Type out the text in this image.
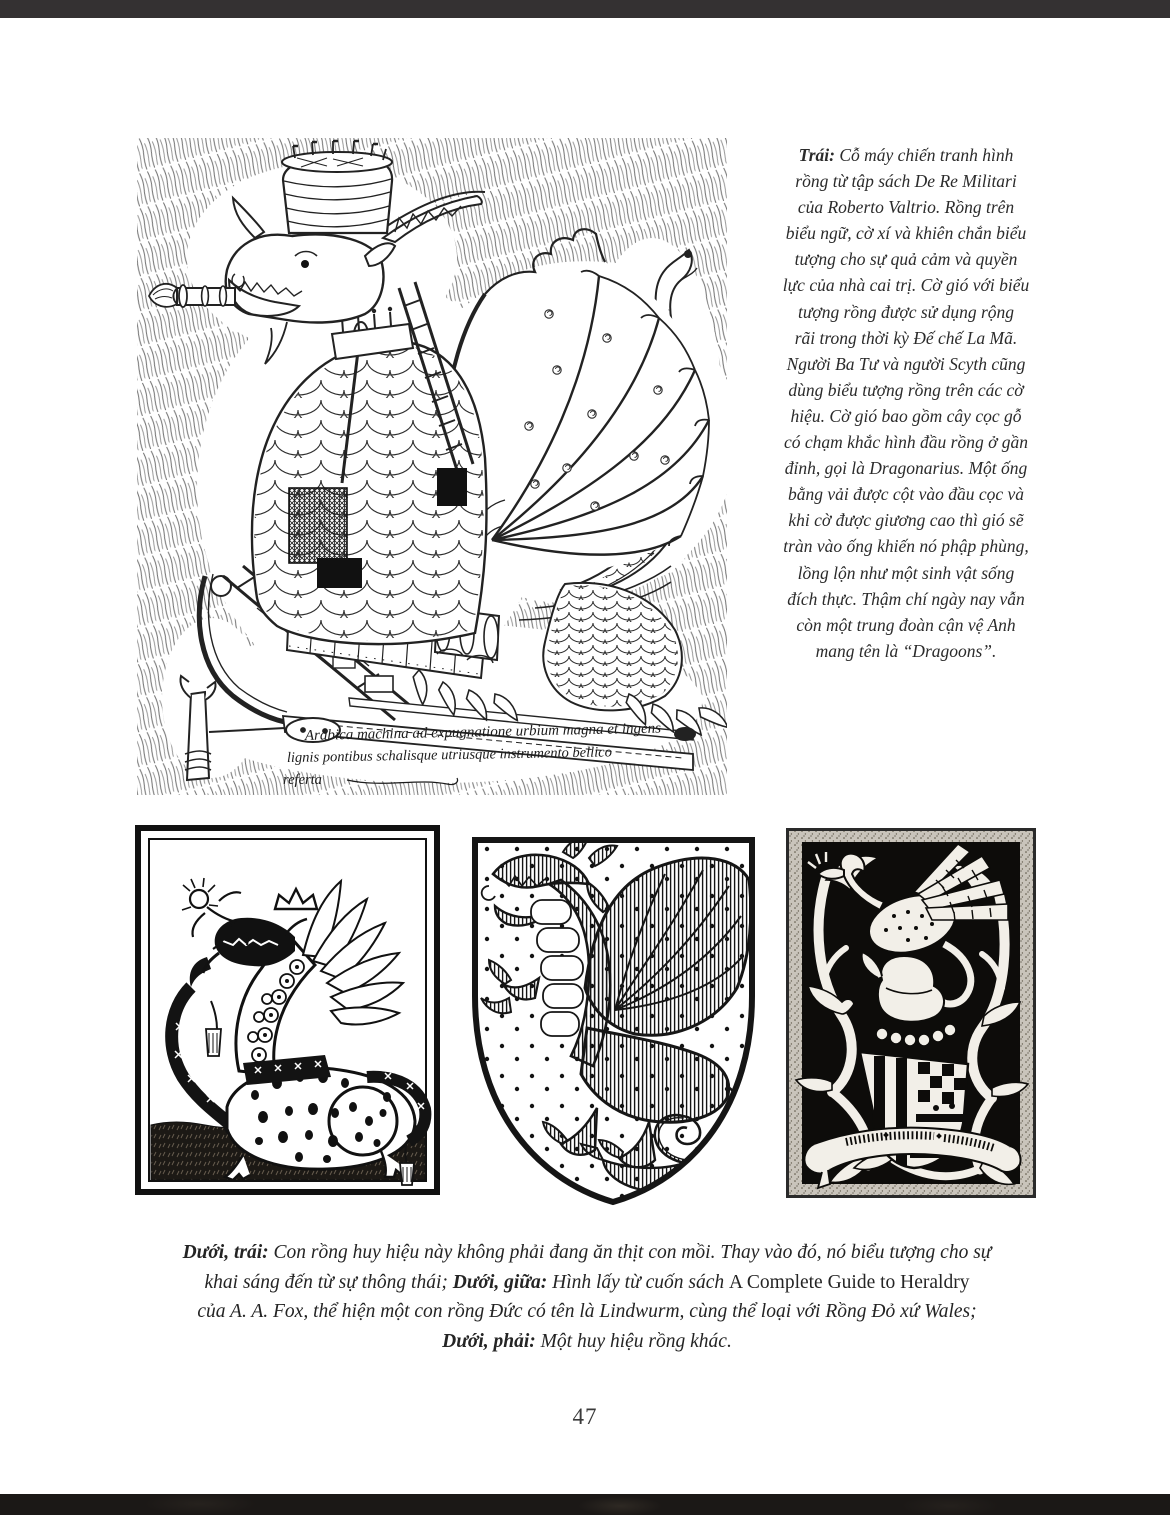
Arabica machina ad expugnatione urbium magna et ingens
lignis pontibus schalisque utriusque instrumento bellico
referta
Trái: Cỗ máy chiến tranh hình
rồng từ tập sách De Re Militari
của Roberto Valtrio. Rồng trên
biểu ngữ, cờ xí và khiên chắn biểu
tượng cho sự quả cảm và quyền
lực của nhà cai trị. Cờ gió với biểu
tượng rồng được sử dụng rộng
rãi trong thời kỳ Đế chế La Mã.
Người Ba Tư và người Scyth cũng
dùng biểu tượng rồng trên các cờ
hiệu. Cờ gió bao gồm cây cọc gỗ
có chạm khắc hình đầu rồng ở gần
đỉnh, gọi là Dragonarius. Một ống
bằng vải được cột vào đầu cọc và
khi cờ được giương cao thì gió sẽ
tràn vào ống khiến nó phập phùng,
lồng lộn như một sinh vật sống
đích thực. Thậm chí ngày nay vẫn
còn một trung đoàn cận vệ Anh
mang tên là “Dragoons”.
Dưới, trái: Con rồng huy hiệu này không phải đang ăn thịt con mồi. Thay vào đó, nó biểu tượng cho sự
khai sáng đến từ sự thông thái; Dưới, giữa: Hình lấy từ cuốn sách A Complete Guide to Heraldry
của A. A. Fox, thể hiện một con rồng Đức có tên là Lindwurm, cùng thể loại với Rồng Đỏ xứ Wales;
Dưới, phải: Một huy hiệu rồng khác.
47
